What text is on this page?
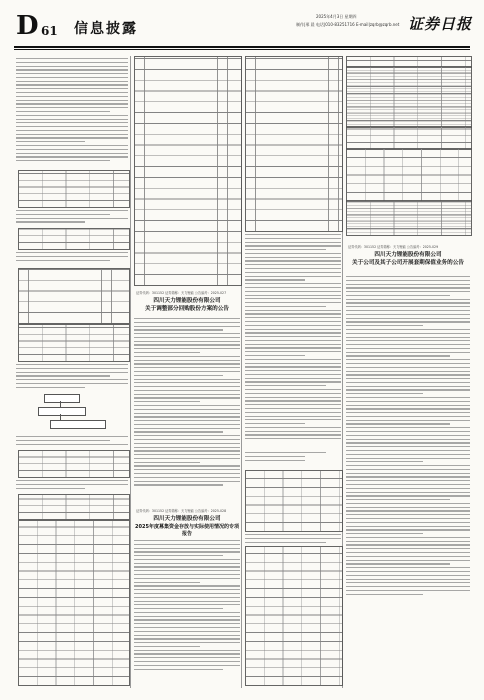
D 61 信息披露
2025年4月3日 星期四
制作|邢 晨 电话|010-83251716 E-mail|zqrb@zqrb.net 证券日报
证券代码：301152 证券简称：天力锂能 公告编号：2025-027
四川天力锂能股份有限公司
关于调整部分回购股份方案的公告
证券代码：301152 证券简称：天力锂能 公告编号：2025-028
四川天力锂能股份有限公司
2025年度募集资金存放与实际使用情况的专项报告
证券代码：301152 证券简称：天力锂能 公告编号：2025-029
四川天力锂能股份有限公司
关于公司及其子公司开展套期保值业务的公告
